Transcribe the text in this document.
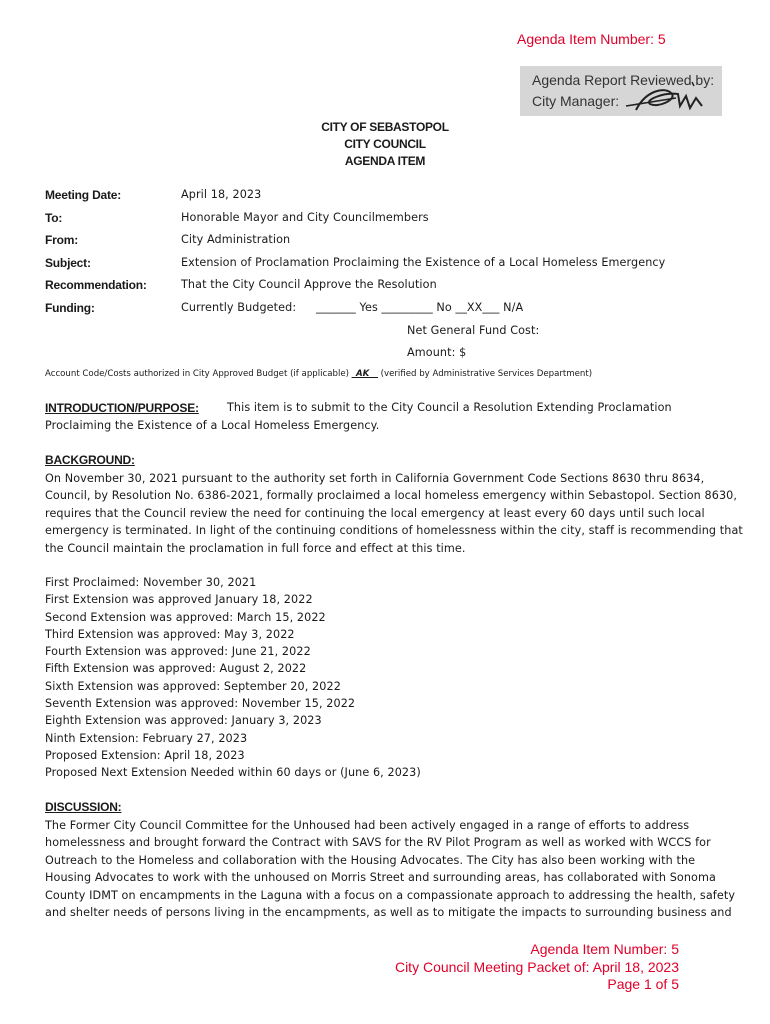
Agenda Item Number: 5
Agenda Report Reviewed by:
City Manager:
CITY OF SEBASTOPOL
CITY COUNCIL
AGENDA ITEM
Meeting Date:	April 18, 2023
To:	Honorable Mayor and City Councilmembers
From:	City Administration
Subject:	Extension of Proclamation Proclaiming the Existence of a Local Homeless Emergency
Recommendation:	That the City Council Approve the Resolution
Funding:	Currently Budgeted: _______ Yes _________ No __XX___ N/A
Net General Fund Cost:
Amount: $
Account Code/Costs authorized in City Approved Budget (if applicable) _AK__ (verified by Administrative Services Department)
INTRODUCTION/PURPOSE:	This item is to submit to the City Council a Resolution Extending Proclamation
Proclaiming the Existence of a Local Homeless Emergency.
BACKGROUND:
On November 30, 2021 pursuant to the authority set forth in California Government Code Sections 8630 thru 8634,
Council, by Resolution No. 6386-2021, formally proclaimed a local homeless emergency within Sebastopol. Section 8630,
requires that the Council review the need for continuing the local emergency at least every 60 days until such local
emergency is terminated. In light of the continuing conditions of homelessness within the city, staff is recommending that
the Council maintain the proclamation in full force and effect at this time.
First Proclaimed: November 30, 2021
First Extension was approved January 18, 2022
Second Extension was approved: March 15, 2022
Third Extension was approved: May 3, 2022
Fourth Extension was approved: June 21, 2022
Fifth Extension was approved: August 2, 2022
Sixth Extension was approved: September 20, 2022
Seventh Extension was approved: November 15, 2022
Eighth Extension was approved: January 3, 2023
Ninth Extension: February 27, 2023
Proposed Extension: April 18, 2023
Proposed Next Extension Needed within 60 days or (June 6, 2023)
DISCUSSION:
The Former City Council Committee for the Unhoused had been actively engaged in a range of efforts to address
homelessness and brought forward the Contract with SAVS for the RV Pilot Program as well as worked with WCCS for
Outreach to the Homeless and collaboration with the Housing Advocates. The City has also been working with the
Housing Advocates to work with the unhoused on Morris Street and surrounding areas, has collaborated with Sonoma
County IDMT on encampments in the Laguna with a focus on a compassionate approach to addressing the health, safety
and shelter needs of persons living in the encampments, as well as to mitigate the impacts to surrounding business and
Agenda Item Number: 5
City Council Meeting Packet of: April 18, 2023
Page 1 of 5
